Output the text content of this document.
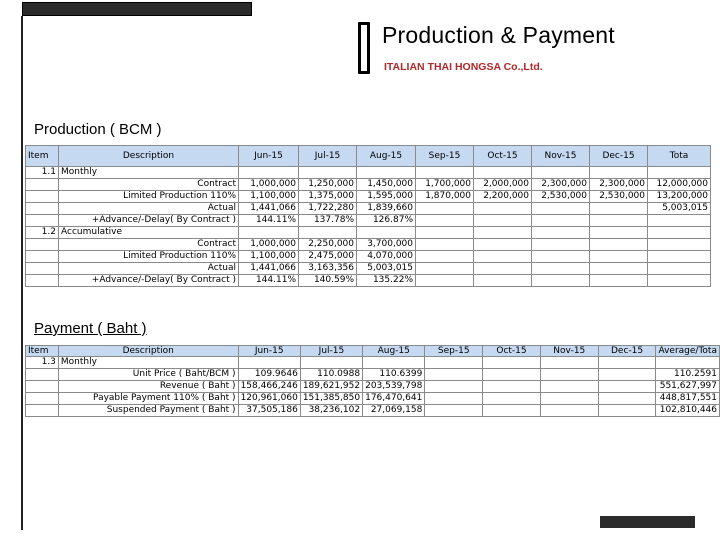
Production & Payment
ITALIAN THAI HONGSA Co.,Ltd.
Production ( BCM )
Item	Description	Jun-15	Jul-15	Aug-15	Sep-15	Oct-15	Nov-15	Dec-15	Tota
1.1	Monthly								
	Contract	1,000,000	1,250,000	1,450,000	1,700,000	2,000,000	2,300,000	2,300,000	12,000,000
	Limited Production 110%	1,100,000	1,375,000	1,595,000	1,870,000	2,200,000	2,530,000	2,530,000	13,200,000
	Actual	1,441,066	1,722,280	1,839,660					5,003,015
	+Advance/-Delay( By Contract )	144.11%	137.78%	126.87%					
1.2	Accumulative								
	Contract	1,000,000	2,250,000	3,700,000					
	Limited Production 110%	1,100,000	2,475,000	4,070,000					
	Actual	1,441,066	3,163,356	5,003,015					
	+Advance/-Delay( By Contract )	144.11%	140.59%	135.22%					
Payment ( Baht )
Item	Description	Jun-15	Jul-15	Aug-15	Sep-15	Oct-15	Nov-15	Dec-15	Average/Tota
1.3	Monthly								
	Unit Price ( Baht/BCM )	109.9646	110.0988	110.6399					110.2591
	Revenue ( Baht )	158,466,246	189,621,952	203,539,798					551,627,997
	Payable Payment 110% ( Baht )	120,961,060	151,385,850	176,470,641					448,817,551
	Suspended Payment ( Baht )	37,505,186	38,236,102	27,069,158					102,810,446
